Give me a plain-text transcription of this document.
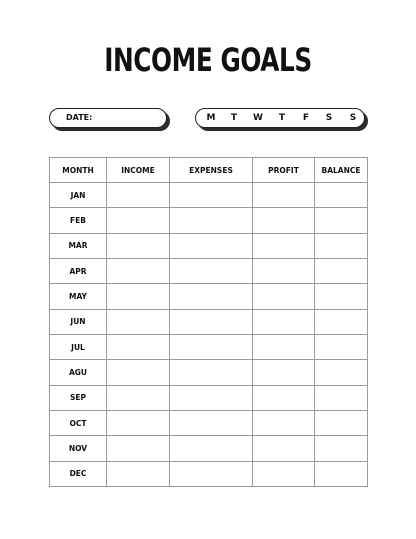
INCOME GOALS
DATE:	M	T	W	T	F	S	S
MONTH	INCOME	EXPENSES	PROFIT	BALANCE
JAN				
FEB				
MAR				
APR				
MAY				
JUN				
JUL				
AGU				
SEP				
OCT				
NOV				
DEC				
